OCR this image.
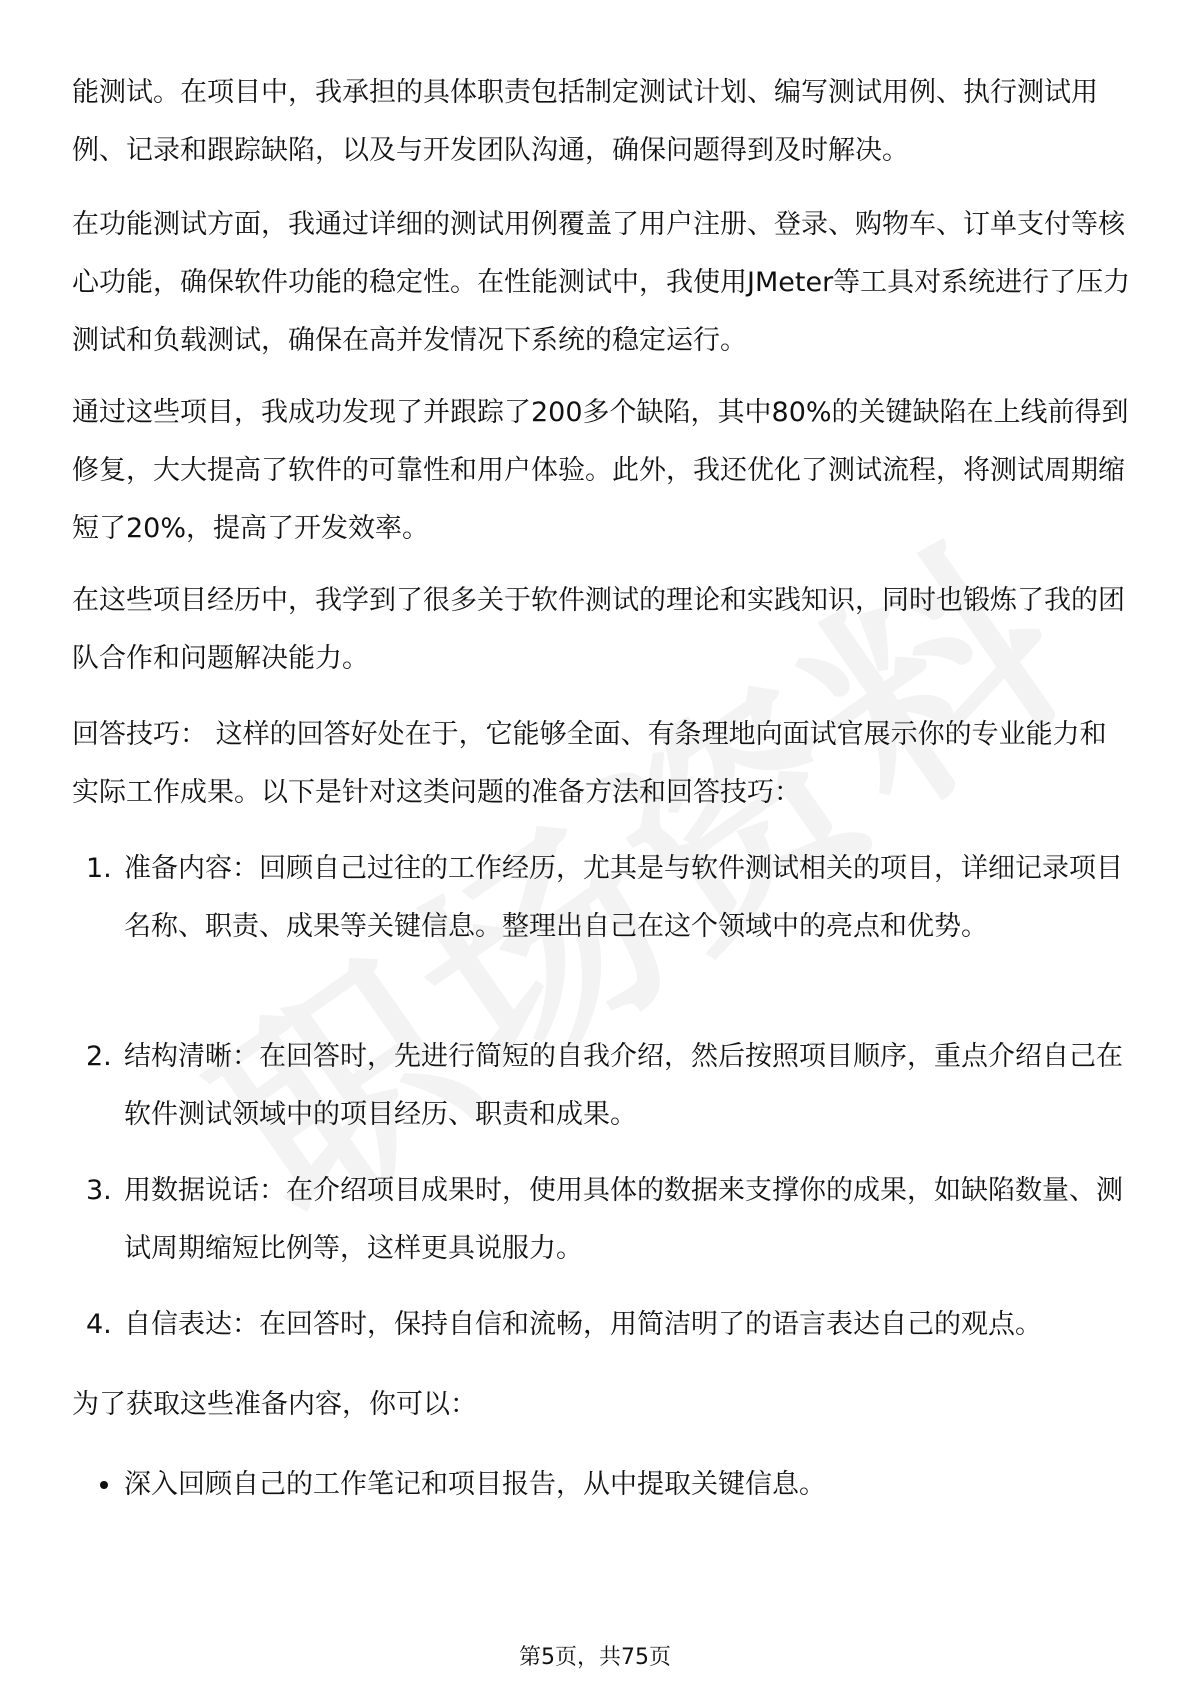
能测试。在项目中，我承担的具体职责包括制定测试计划、编写测试用例、执行测试用例、记录和跟踪缺陷，以及与开发团队沟通，确保问题得到及时解决。

在功能测试方面，我通过详细的测试用例覆盖了用户注册、登录、购物车、订单支付等核心功能，确保软件功能的稳定性。在性能测试中，我使用JMeter等工具对系统进行了压力测试和负载测试，确保在高并发情况下系统的稳定运行。

通过这些项目，我成功发现了并跟踪了200多个缺陷，其中80%的关键缺陷在上线前得到修复，大大提高了软件的可靠性和用户体验。此外，我还优化了测试流程，将测试周期缩短了20%，提高了开发效率。

在这些项目经历中，我学到了很多关于软件测试的理论和实践知识，同时也锻炼了我的团队合作和问题解决能力。

回答技巧： 这样的回答好处在于，它能够全面、有条理地向面试官展示你的专业能力和实际工作成果。以下是针对这类问题的准备方法和回答技巧：

1. 准备内容：回顾自己过往的工作经历，尤其是与软件测试相关的项目，详细记录项目名称、职责、成果等关键信息。整理出自己在这个领域中的亮点和优势。
2. 结构清晰：在回答时，先进行简短的自我介绍，然后按照项目顺序，重点介绍自己在软件测试领域中的项目经历、职责和成果。
3. 用数据说话：在介绍项目成果时，使用具体的数据来支撑你的成果，如缺陷数量、测试周期缩短比例等，这样更具说服力。
4. 自信表达：在回答时，保持自信和流畅，用简洁明了的语言表达自己的观点。

为了获取这些准备内容，你可以：

深入回顾自己的工作笔记和项目报告，从中提取关键信息。
第5页，共75页
